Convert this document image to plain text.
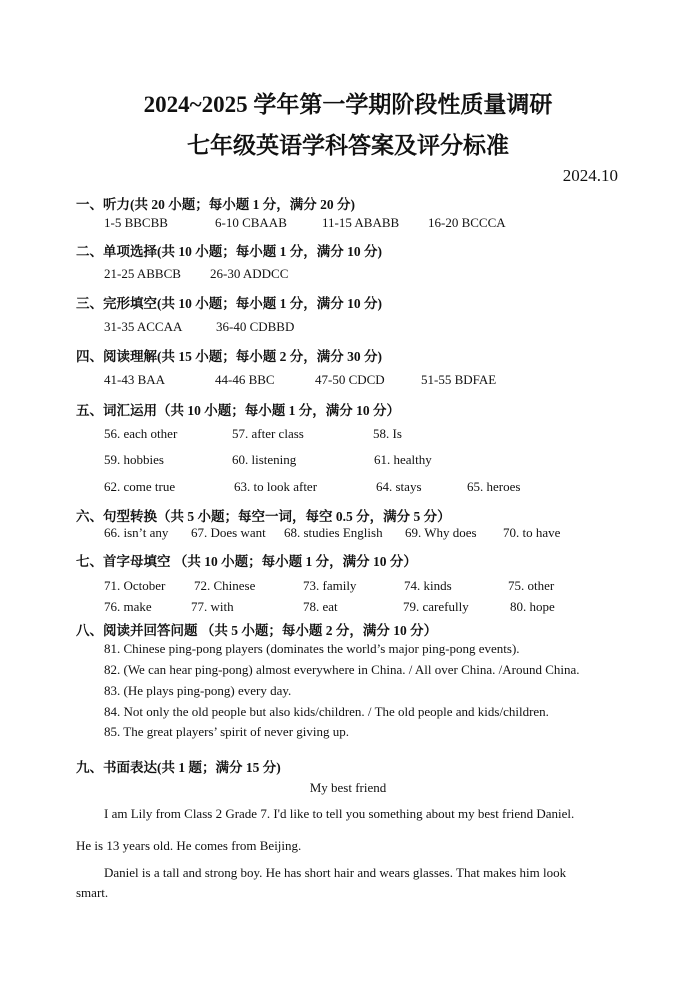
2024~2025 学年第一学期阶段性质量调研
七年级英语学科答案及评分标准
2024.10
一、听力(共 20 小题；每小题 1 分，满分 20 分)
1-5 BBCBB	6-10 CBAAB	11-15 ABABB 16-20 BCCCA
二、单项选择(共 10 小题；每小题 1 分，满分 10 分)
21-25 ABBCB 26-30 ADDCC
三、完形填空(共 10 小题；每小题 1 分，满分 10 分)
31-35 ACCAA	36-40 CDBBD
四、阅读理解(共 15 小题；每小题 2 分，满分 30 分)
41-43 BAA	44-46 BBC	47-50 CDCD	51-55 BDFAE
五、词汇运用（共 10 小题；每小题 1 分，满分 10 分）
56. each other	57. after class	58. Is
59. hobbies	60. listening	61. healthy
62. come true	63. to look after	64. stays	65. heroes
六、句型转换（共 5 小题；每空一词，每空 0.5 分，满分 5 分）
66. isn’t any 67. Does want 68. studies English 69. Why does 70. to have
七、首字母填空 （共 10 小题；每小题 1 分，满分 10 分）
71. October 72. Chinese	73. family	74. kinds	75. other
76. make	77. with	78. eat	79. carefully	80. hope
八、阅读并回答问题 （共 5 小题；每小题 2 分，满分 10 分）
81. Chinese ping-pong players (dominates the world’s major ping-pong events).
82. (We can hear ping-pong) almost everywhere in China. / All over China. /Around China.
83. (He plays ping-pong) every day.
84. Not only the old people but also kids/children. / The old people and kids/children.
85. The great players’ spirit of never giving up.
九、书面表达(共 1 题；满分 15 分)
My best friend
I am Lily from Class 2 Grade 7. I'd like to tell you something about my best friend Daniel.
He is 13 years old. He comes from Beijing.
Daniel is a tall and strong boy. He has short hair and wears glasses. That makes him look
smart.
